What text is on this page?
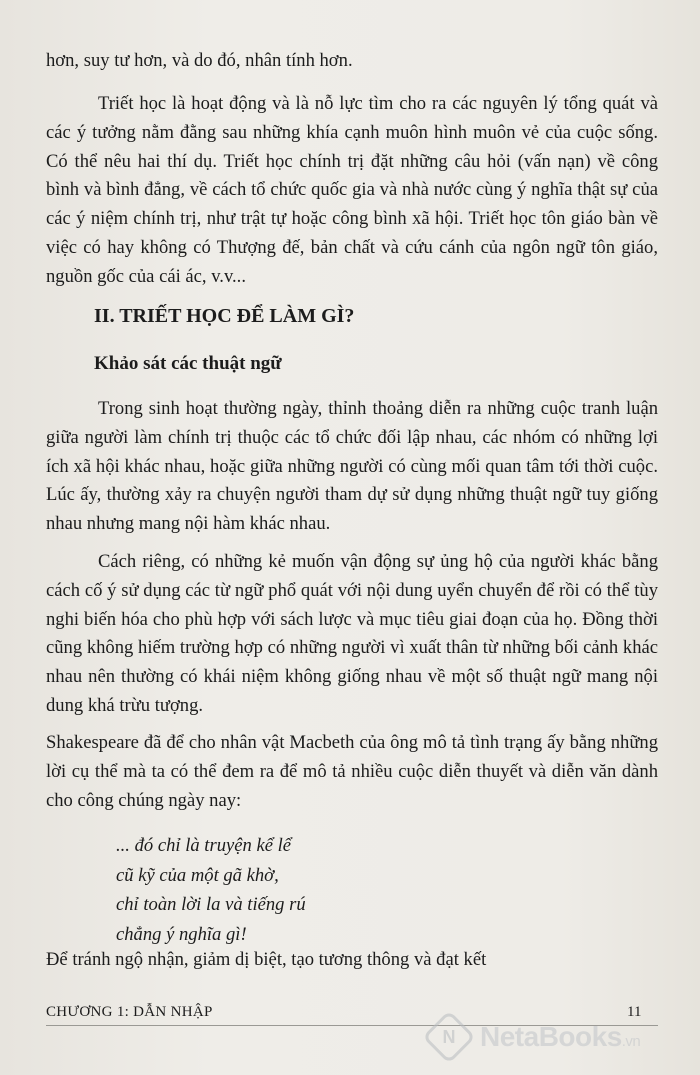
hơn, suy tư hơn, và do đó, nhân tính hơn.

Triết học là hoạt động và là nỗ lực tìm cho ra các nguyên lý tổng quát và các ý tưởng nằm đằng sau những khía cạnh muôn hình muôn vẻ của cuộc sống. Có thể nêu hai thí dụ. Triết học chính trị đặt những câu hỏi (vấn nạn) về công bình và bình đẳng, về cách tổ chức quốc gia và nhà nước cùng ý nghĩa thật sự của các ý niệm chính trị, như trật tự hoặc công bình xã hội. Triết học tôn giáo bàn về việc có hay không có Thượng đế, bản chất và cứu cánh của ngôn ngữ tôn giáo, nguồn gốc của cái ác, v.v...

II. TRIẾT HỌC ĐỂ LÀM GÌ?
Khảo sát các thuật ngữ

Trong sinh hoạt thường ngày, thỉnh thoảng diễn ra những cuộc tranh luận giữa người làm chính trị thuộc các tổ chức đối lập nhau, các nhóm có những lợi ích xã hội khác nhau, hoặc giữa những người có cùng mối quan tâm tới thời cuộc. Lúc ấy, thường xảy ra chuyện người tham dự sử dụng những thuật ngữ tuy giống nhau nhưng mang nội hàm khác nhau.

Cách riêng, có những kẻ muốn vận động sự ủng hộ của người khác bằng cách cố ý sử dụng các từ ngữ phổ quát với nội dung uyển chuyển để rồi có thể tùy nghi biến hóa cho phù hợp với sách lược và mục tiêu giai đoạn của họ. Đồng thời cũng không hiếm trường hợp có những người vì xuất thân từ những bối cảnh khác nhau nên thường có khái niệm không giống nhau về một số thuật ngữ mang nội dung khá trừu tượng.

Shakespeare đã để cho nhân vật Macbeth của ông mô tả tình trạng ấy bằng những lời cụ thể mà ta có thể đem ra để mô tả nhiều cuộc diễn thuyết và diễn văn dành cho công chúng ngày nay:

... đó chỉ là truyện kể lể
cũ kỹ của một gã khờ,
chỉ toàn lời la và tiếng rú
chẳng ý nghĩa gì!

Để tránh ngộ nhận, giảm dị biệt, tạo tương thông và đạt kết

CHƯƠNG 1: DẪN NHẬP	11
N NetaBooks.vn
